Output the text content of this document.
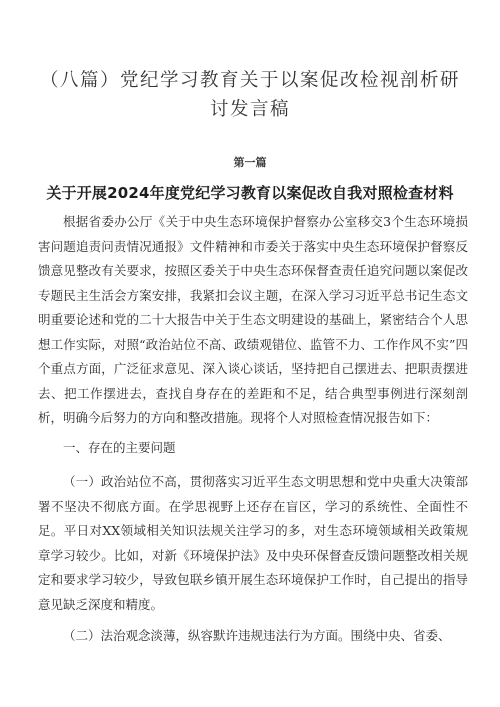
（八篇）党纪学习教育关于以案促改检视剖析研讨发言稿
第一篇
关于开展2024年度党纪学习教育以案促改自我对照检查材料
根据省委办公厅《关于中央生态环境保护督察办公室移交3个生态环境损害问题追责问责情况通报》文件精神和市委关于落实中央生态环境保护督察反馈意见整改有关要求，按照区委关于中央生态环保督查责任追究问题以案促改专题民主生活会方案安排，我紧扣会议主题，在深入学习习近平总书记生态文明重要论述和党的二十大报告中关于生态文明建设的基础上，紧密结合个人思想工作实际，对照“政治站位不高、政绩观错位、监管不力、工作作风不实”四个重点方面，广泛征求意见、深入谈心谈话，坚持把自己摆进去、把职责摆进去、把工作摆进去，查找自身存在的差距和不足，结合典型事例进行深刻剖析，明确今后努力的方向和整改措施。现将个人对照检查情况报告如下：
一、存在的主要问题
（一）政治站位不高，贯彻落实习近平生态文明思想和党中央重大决策部署不坚决不彻底方面。在学思视野上还存在盲区，学习的系统性、全面性不足。平日对XX领域相关知识法规关注学习的多，对生态环境领域相关政策规章学习较少。比如，对新《环境保护法》及中央环保督查反馈问题整改相关规定和要求学习较少，导致包联乡镇开展生态环境保护工作时，自己提出的指导意见缺乏深度和精度。
（二）法治观念淡薄，纵容默许违规违法行为方面。围绕中央、省委、
